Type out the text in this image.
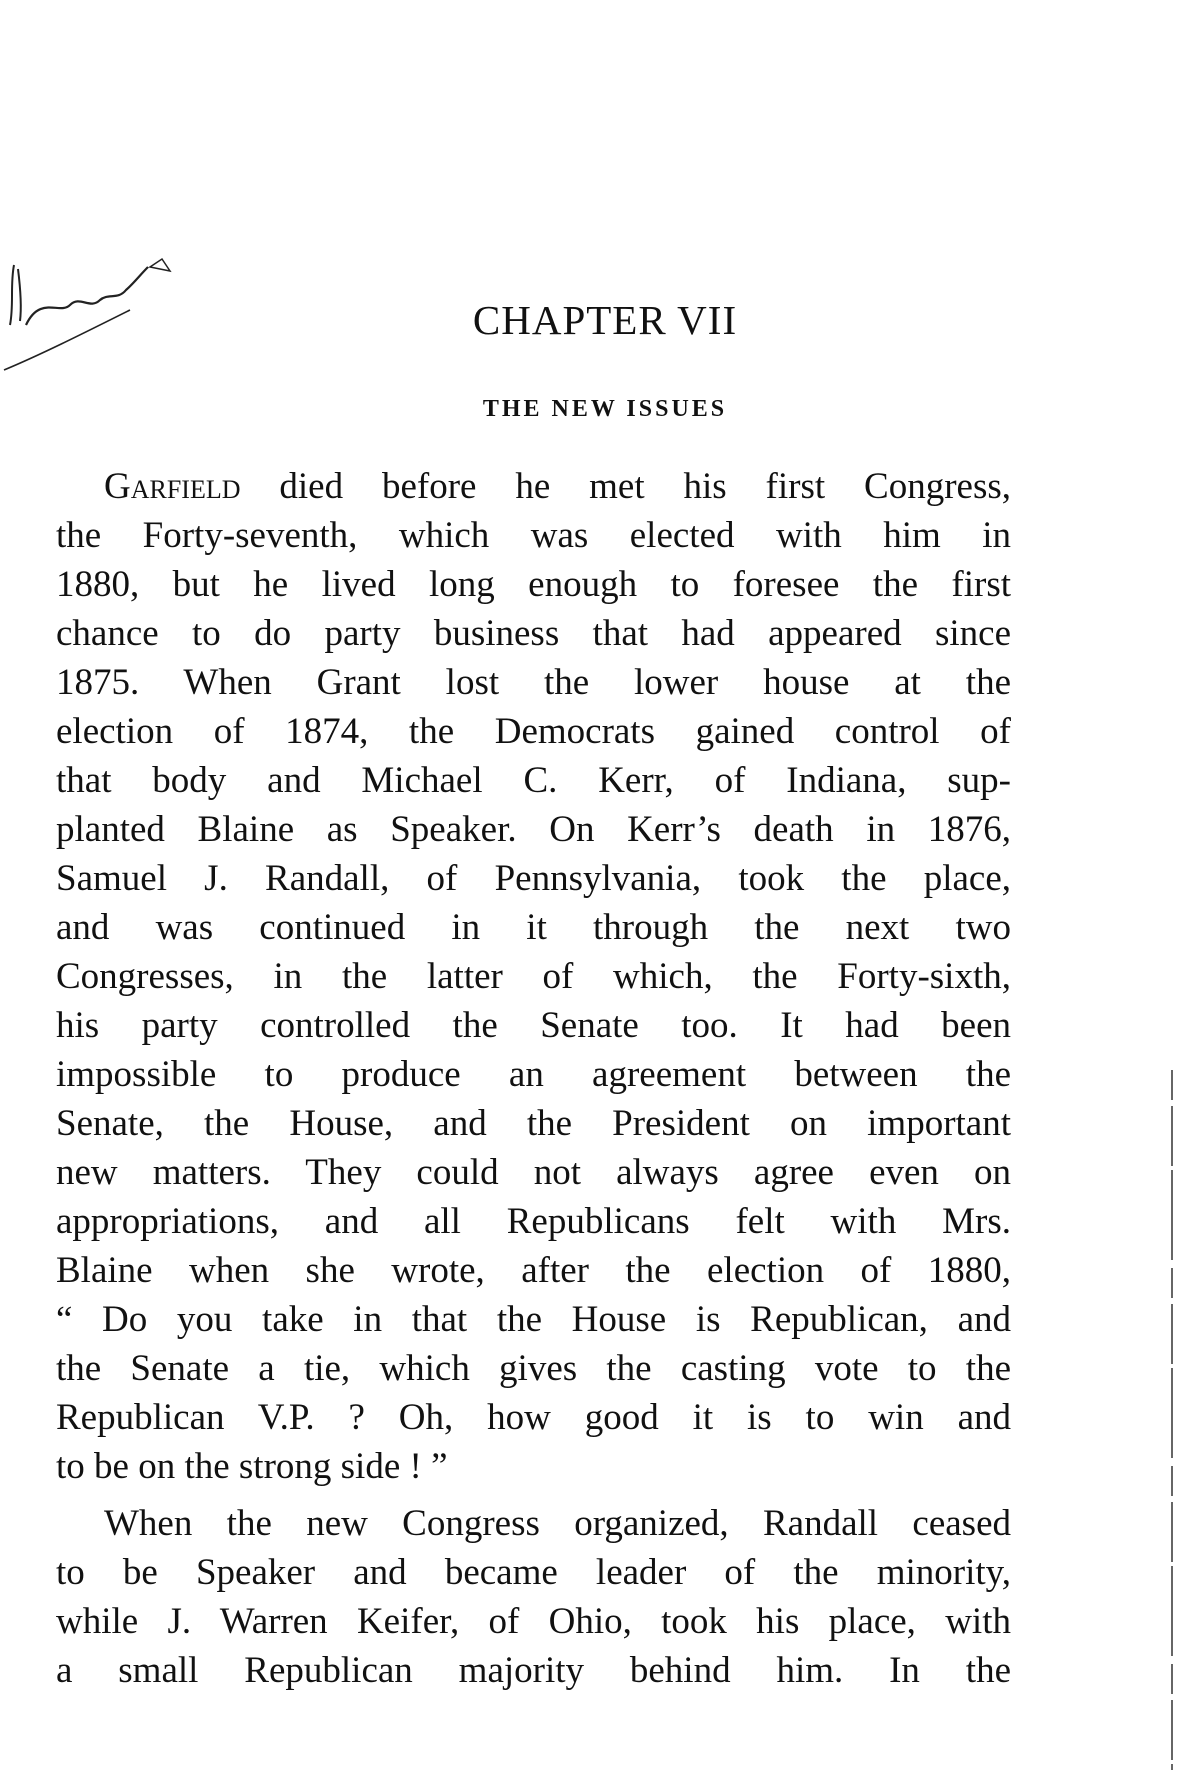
CHAPTER VII
THE NEW ISSUES
Garfield died before he met his first Congress,
the Forty-seventh, which was elected with him in
1880, but he lived long enough to foresee the first
chance to do party business that had appeared since
1875. When Grant lost the lower house at the
election of 1874, the Democrats gained control of
that body and Michael C. Kerr, of Indiana, sup-
planted Blaine as Speaker. On Kerr’s death in 1876,
Samuel J. Randall, of Pennsylvania, took the place,
and was continued in it through the next two
Congresses, in the latter of which, the Forty-sixth,
his party controlled the Senate too. It had been
impossible to produce an agreement between the
Senate, the House, and the President on important
new matters. They could not always agree even on
appropriations, and all Republicans felt with Mrs.
Blaine when she wrote, after the election of 1880,
“ Do you take in that the House is Republican, and
the Senate a tie, which gives the casting vote to the
Republican V.P. ? Oh, how good it is to win and
to be on the strong side ! ”
When the new Congress organized, Randall ceased
to be Speaker and became leader of the minority,
while J. Warren Keifer, of Ohio, took his place, with
a small Republican majority behind him. In the
